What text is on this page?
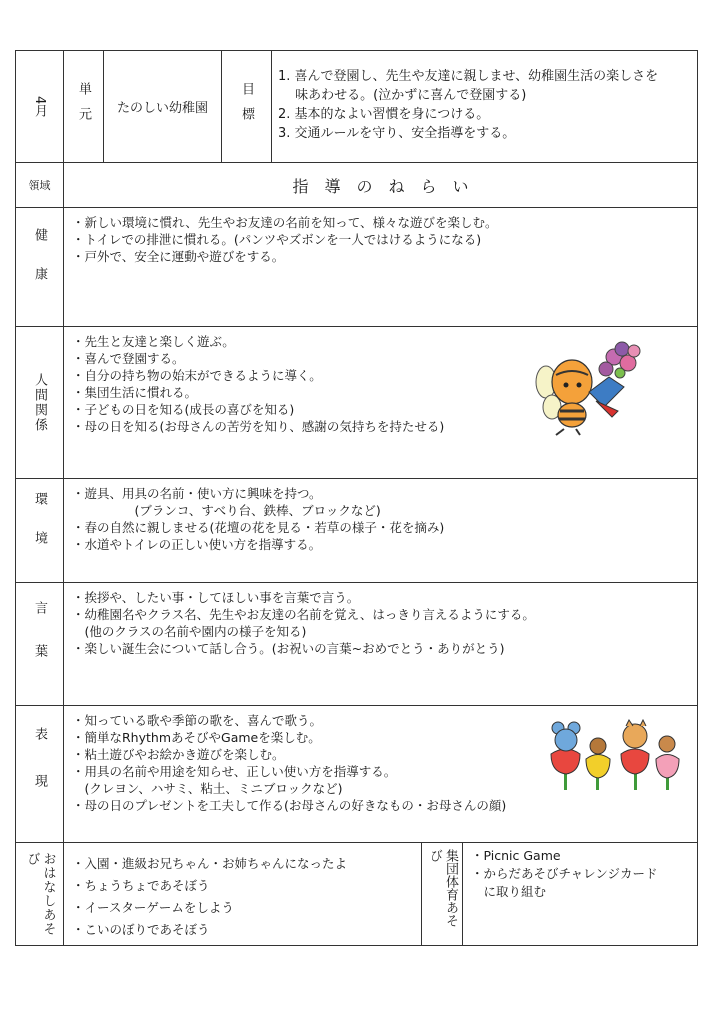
4月 単元 たのしい幼稚園 目標
1. 喜んで登園し、先生や友達に親しませ、幼稚園生活の楽しさを
　 味あわせる。(泣かずに喜んで登園する)
2. 基本的なよい習慣を身につける。
3. 交通ルールを守り、安全指導をする。
領域	指　導　の　ね　ら　い
健康
・新しい環境に慣れ、先生やお友達の名前を知って、様々な遊びを楽しむ。
・トイレでの排泄に慣れる。(パンツやズボンを一人ではけるようになる)
・戸外で、安全に運動や遊びをする。
人間関係
・先生と友達と楽しく遊ぶ。
・喜んで登園する。
・自分の持ち物の始末ができるように導く。
・集団生活に慣れる。
・子どもの日を知る(成長の喜びを知る)
・母の日を知る(お母さんの苦労を知り、感謝の気持ちを持たせる)
環境 ・遊具、用具の名前・使い方に興味を持つ。
　　　　　(ブランコ、すべり台、鉄棒、ブロックなど)
・春の自然に親しませる(花壇の花を見る・若草の様子・花を摘み)
・水道やトイレの正しい使い方を指導する。
言葉
・挨拶や、したい事・してほしい事を言葉で言う。
・幼稚園名やクラス名、先生やお友達の名前を覚え、はっきり言えるようにする。
　(他のクラスの名前や園内の様子を知る)
・楽しい誕生会について話し合う。(お祝いの言葉~おめでとう・ありがとう)
表現
・知っている歌や季節の歌を、喜んで歌う。
・簡単なRhythmあそびやGameを楽しむ。
・粘土遊びやお絵かき遊びを楽しむ。
・用具の名前や用途を知らせ、正しい使い方を指導する。
　(クレヨン、ハサミ、粘土、ミニブロックなど)
・母の日のプレゼントを工夫して作る(お母さんの好きなもの・お母さんの顔)
おはなしあそび	・入園・進級お兄ちゃん・お姉ちゃんになったよ
・ちょうちょであそぼう
・イースターゲームをしよう
・こいのぼりであそぼう
集団体育あそび	・Picnic Game
・からだあそびチャレンジカード
　に取り組む
